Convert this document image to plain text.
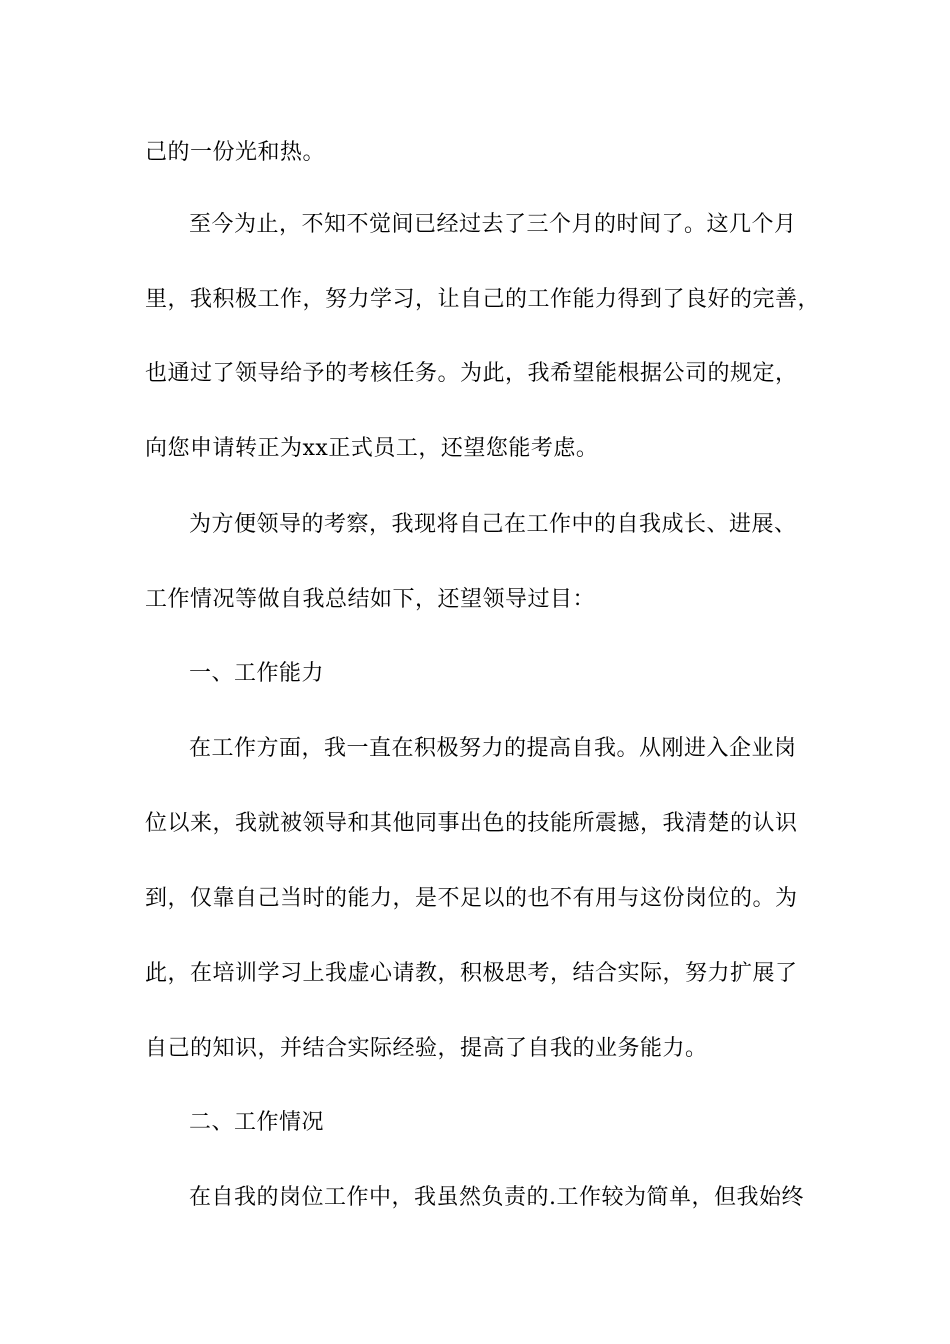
己的一份光和热。
至今为止，不知不觉间已经过去了三个月的时间了。这几个月
里，我积极工作，努力学习，让自己的工作能力得到了良好的完善，
也通过了领导给予的考核任务。为此，我希望能根据公司的规定，
向您申请转正为xx正式员工，还望您能考虑。
为方便领导的考察，我现将自己在工作中的自我成长、进展、
工作情况等做自我总结如下，还望领导过目：
一、工作能力
在工作方面，我一直在积极努力的提高自我。从刚进入企业岗
位以来，我就被领导和其他同事出色的技能所震撼，我清楚的认识
到，仅靠自己当时的能力，是不足以的也不有用与这份岗位的。为
此，在培训学习上我虚心请教，积极思考，结合实际，努力扩展了
自己的知识，并结合实际经验，提高了自我的业务能力。
二、工作情况
在自我的岗位工作中，我虽然负责的.工作较为简单，但我始终
